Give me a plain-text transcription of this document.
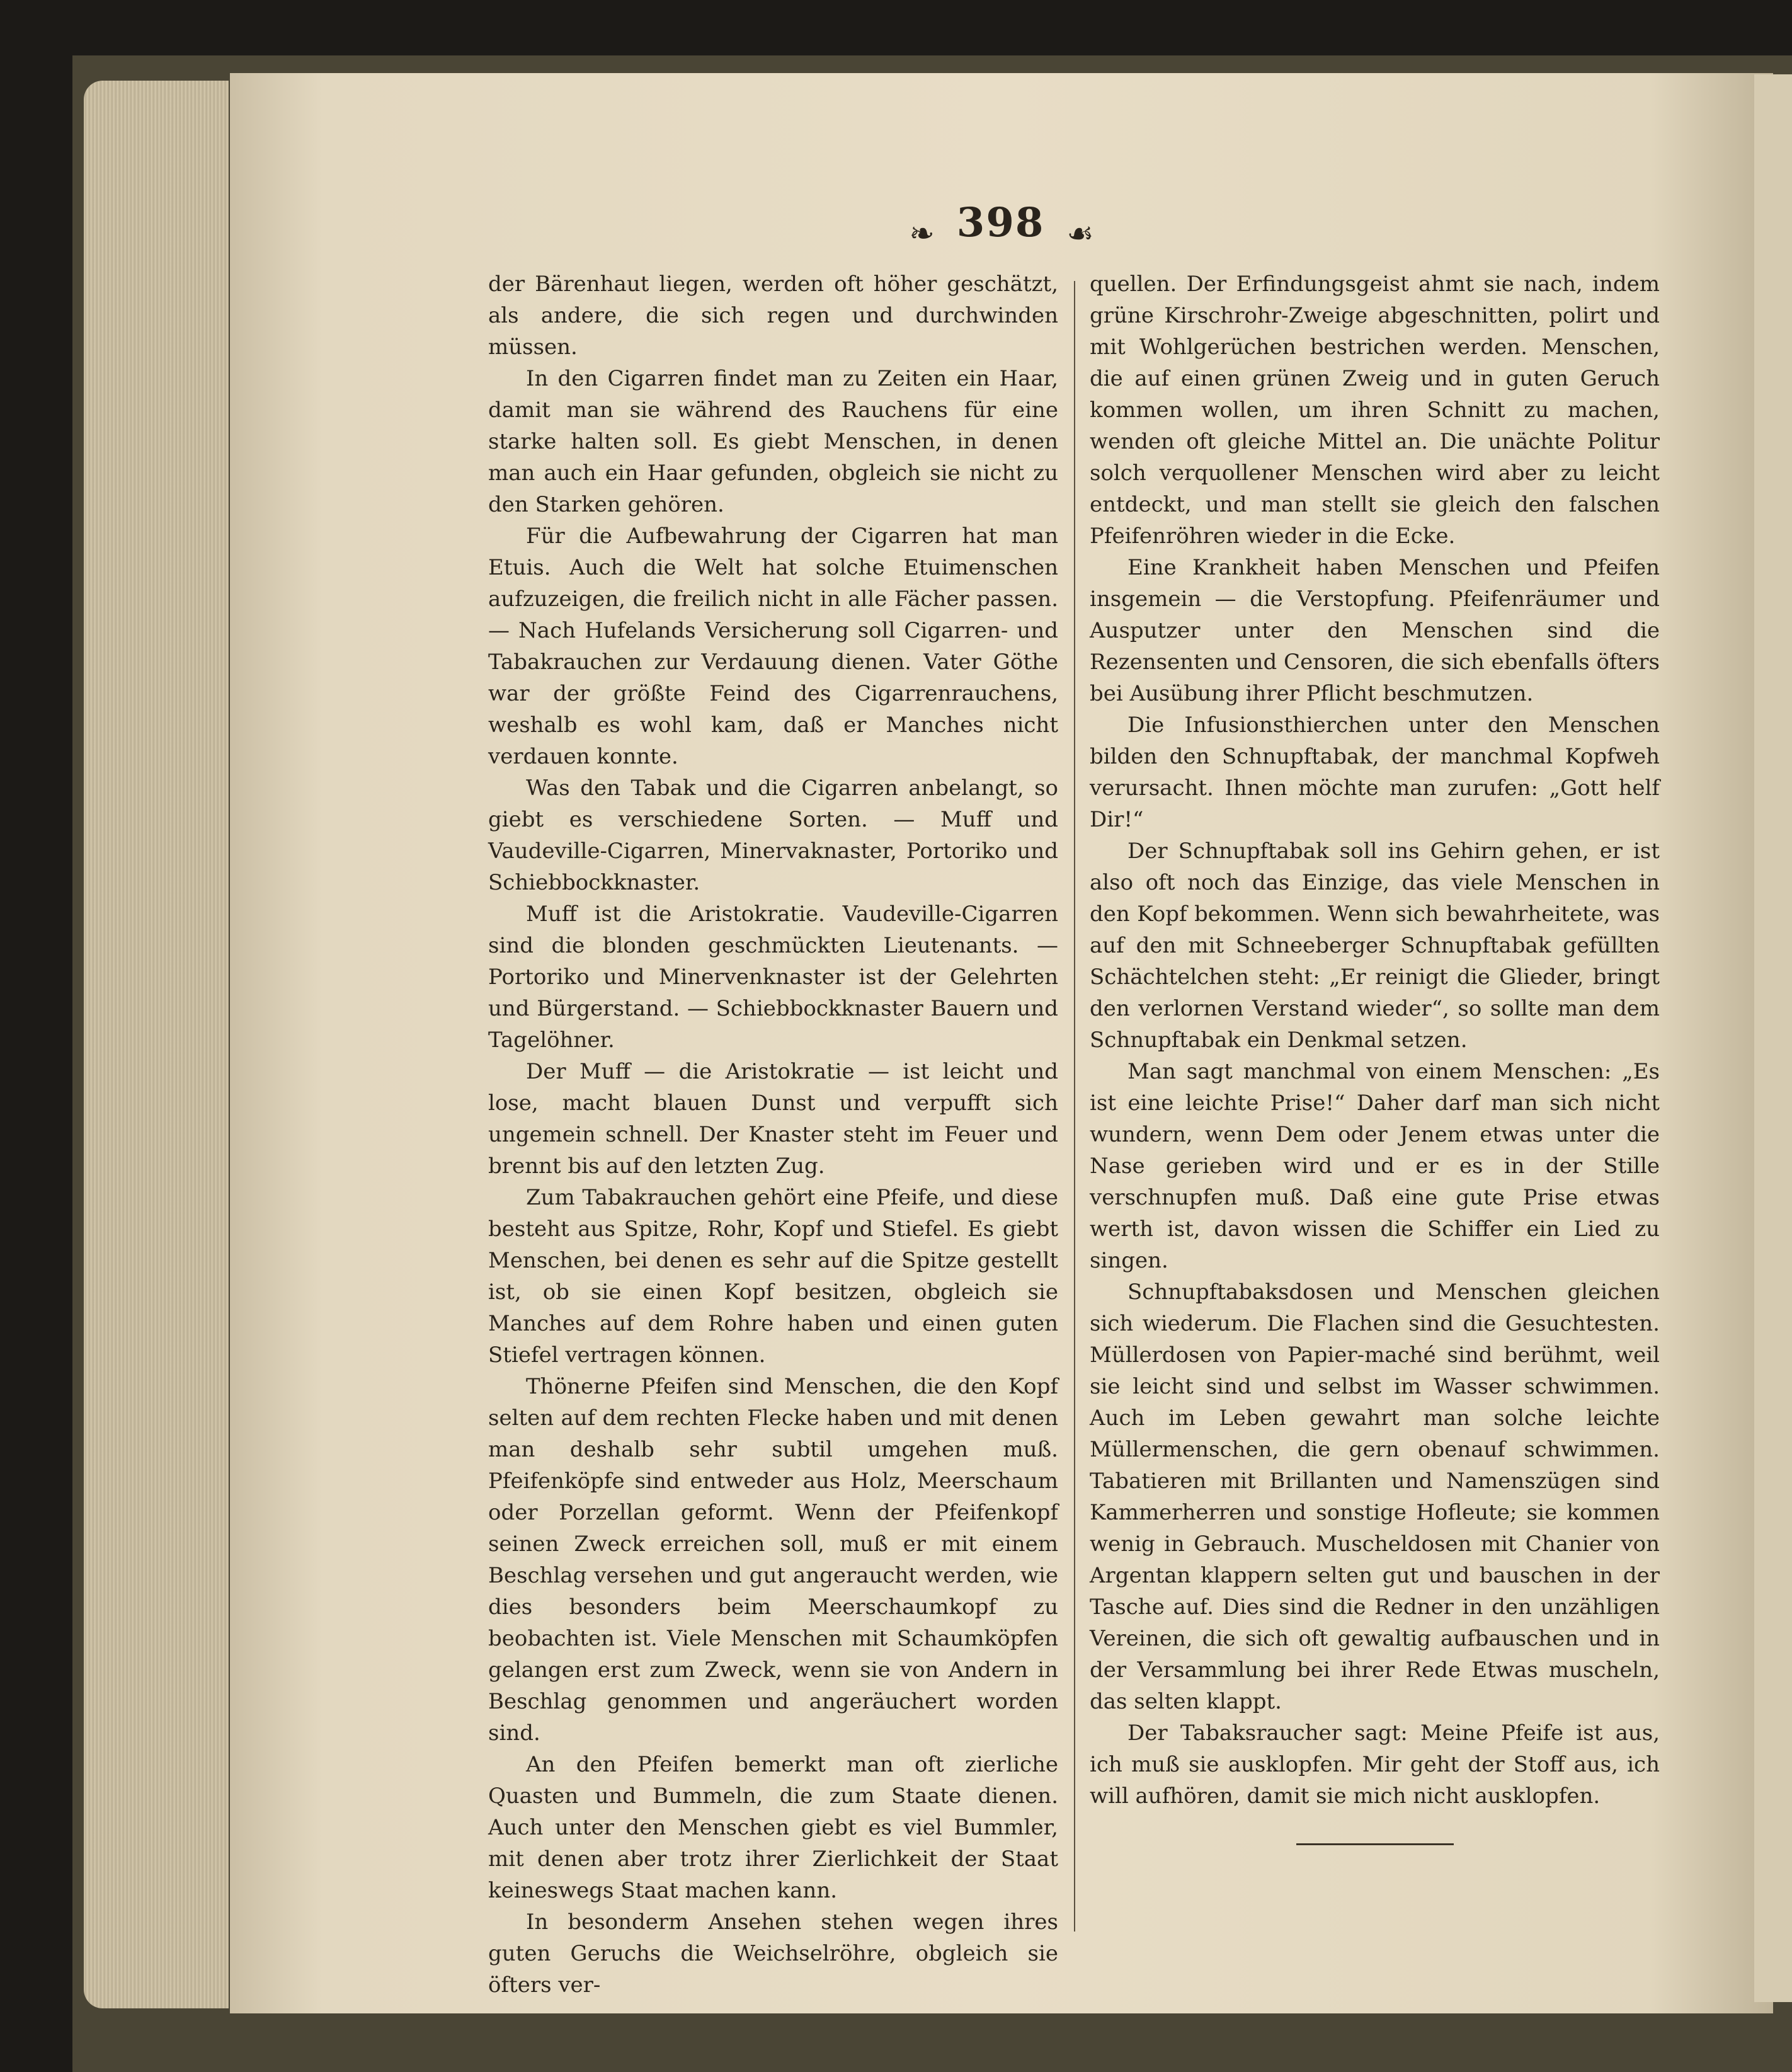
❧ 398 ☙

der Bärenhaut liegen, werden oft höher geschätzt, als andere, die sich regen und durchwinden müssen.

In den Cigarren findet man zu Zeiten ein Haar, damit man sie während des Rauchens für eine starke halten soll. Es giebt Menschen, in denen man auch ein Haar gefunden, obgleich sie nicht zu den Starken gehören.

Für die Aufbewahrung der Cigarren hat man Etuis. Auch die Welt hat solche Etuimenschen aufzuzeigen, die freilich nicht in alle Fächer passen. — Nach Hufelands Versicherung soll Cigarren- und Tabakrauchen zur Verdauung dienen. Vater Göthe war der größte Feind des Cigarrenrauchens, weshalb es wohl kam, daß er Manches nicht verdauen konnte.

Was den Tabak und die Cigarren anbelangt, so giebt es verschiedene Sorten. — Muff und Vaudeville-Cigarren, Minervaknaster, Portoriko und Schiebbockknaster.

Muff ist die Aristokratie. Vaudeville-Cigarren sind die blonden geschmückten Lieutenants. — Portoriko und Minervenknaster ist der Gelehrten und Bürgerstand. — Schiebbockknaster Bauern und Tagelöhner.

Der Muff — die Aristokratie — ist leicht und lose, macht blauen Dunst und verpufft sich ungemein schnell. Der Knaster steht im Feuer und brennt bis auf den letzten Zug.

Zum Tabakrauchen gehört eine Pfeife, und diese besteht aus Spitze, Rohr, Kopf und Stiefel. Es giebt Menschen, bei denen es sehr auf die Spitze gestellt ist, ob sie einen Kopf besitzen, obgleich sie Manches auf dem Rohre haben und einen guten Stiefel vertragen können.

Thönerne Pfeifen sind Menschen, die den Kopf selten auf dem rechten Flecke haben und mit denen man deshalb sehr subtil umgehen muß. Pfeifenköpfe sind entweder aus Holz, Meerschaum oder Porzellan geformt. Wenn der Pfeifenkopf seinen Zweck erreichen soll, muß er mit einem Beschlag versehen und gut angeraucht werden, wie dies besonders beim Meerschaumkopf zu beobachten ist. Viele Menschen mit Schaumköpfen gelangen erst zum Zweck, wenn sie von Andern in Beschlag genommen und angeräuchert worden sind.

An den Pfeifen bemerkt man oft zierliche Quasten und Bummeln, die zum Staate dienen. Auch unter den Menschen giebt es viel Bummler, mit denen aber trotz ihrer Zierlichkeit der Staat keineswegs Staat machen kann.

In besonderm Ansehen stehen wegen ihres guten Geruchs die Weichselröhre, obgleich sie öfters ver-

quellen. Der Erfindungsgeist ahmt sie nach, indem grüne Kirschrohr-Zweige abgeschnitten, polirt und mit Wohlgerüchen bestrichen werden. Menschen, die auf einen grünen Zweig und in guten Geruch kommen wollen, um ihren Schnitt zu machen, wenden oft gleiche Mittel an. Die unächte Politur solch verquollener Menschen wird aber zu leicht entdeckt, und man stellt sie gleich den falschen Pfeifenröhren wieder in die Ecke.

Eine Krankheit haben Menschen und Pfeifen insgemein — die Verstopfung. Pfeifenräumer und Ausputzer unter den Menschen sind die Rezensenten und Censoren, die sich ebenfalls öfters bei Ausübung ihrer Pflicht beschmutzen.

Die Infusionsthierchen unter den Menschen bilden den Schnupftabak, der manchmal Kopfweh verursacht. Ihnen möchte man zurufen: „Gott helf Dir!“

Der Schnupftabak soll ins Gehirn gehen, er ist also oft noch das Einzige, das viele Menschen in den Kopf bekommen. Wenn sich bewahrheitete, was auf den mit Schneeberger Schnupftabak gefüllten Schächtelchen steht: „Er reinigt die Glieder, bringt den verlornen Verstand wieder“, so sollte man dem Schnupftabak ein Denkmal setzen.

Man sagt manchmal von einem Menschen: „Es ist eine leichte Prise!“ Daher darf man sich nicht wundern, wenn Dem oder Jenem etwas unter die Nase gerieben wird und er es in der Stille verschnupfen muß. Daß eine gute Prise etwas werth ist, davon wissen die Schiffer ein Lied zu singen.

Schnupftabaksdosen und Menschen gleichen sich wiederum. Die Flachen sind die Gesuchtesten. Müllerdosen von Papier-maché sind berühmt, weil sie leicht sind und selbst im Wasser schwimmen. Auch im Leben gewahrt man solche leichte Müllermenschen, die gern obenauf schwimmen. Tabatieren mit Brillanten und Namenszügen sind Kammerherren und sonstige Hofleute; sie kommen wenig in Gebrauch. Muscheldosen mit Chanier von Argentan klappern selten gut und bauschen in der Tasche auf. Dies sind die Redner in den unzähligen Vereinen, die sich oft gewaltig aufbauschen und in der Versammlung bei ihrer Rede Etwas muscheln, das selten klappt.

Der Tabaksraucher sagt: Meine Pfeife ist aus, ich muß sie ausklopfen. Mir geht der Stoff aus, ich will aufhören, damit sie mich nicht ausklopfen.
